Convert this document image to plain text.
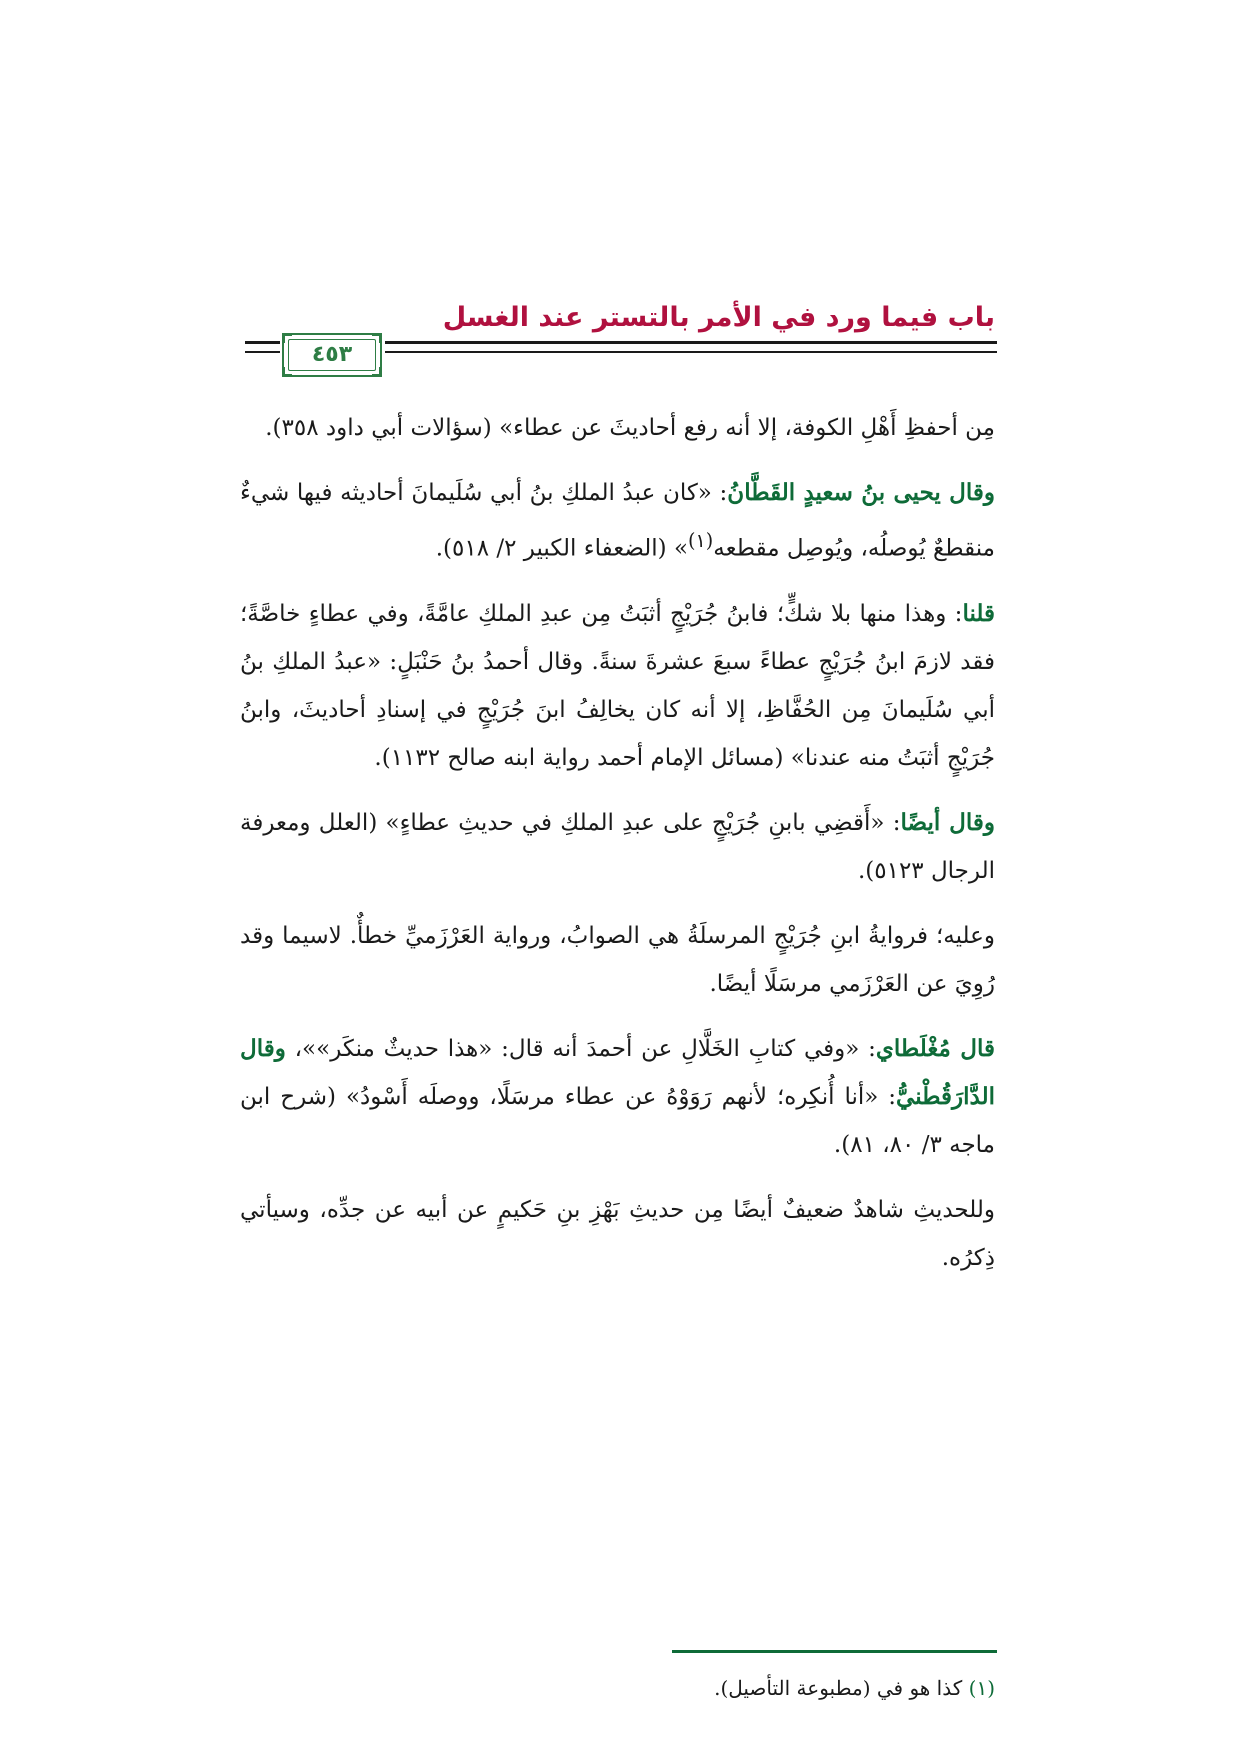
باب فيما ورد في الأمر بالتستر عند الغسل
٤٥٣

مِن أحفظِ أَهْلِ الكوفة، إلا أنه رفع أحاديثَ عن عطاء» (سؤالات أبي داود ٣٥٨).

وقال يحيى بنُ سعيدٍ القَطَّانُ: «كان عبدُ الملكِ بنُ أبي سُلَيمانَ أحاديثه فيها شيءٌ منقطعٌ يُوصلُه، ويُوصِل مقطعه$^{(١)}$» (الضعفاء الكبير ٢/ ٥١٨).

قلنا: وهذا منها بلا شكٍّ؛ فابنُ جُرَيْجٍ أثبَتُ مِن عبدِ الملكِ عامَّةً، وفي عطاءٍ خاصَّةً؛ فقد لازمَ ابنُ جُرَيْجٍ عطاءً سبعَ عشرةَ سنةً. وقال أحمدُ بنُ حَنْبَلٍ: «عبدُ الملكِ بنُ أبي سُلَيمانَ مِن الحُفَّاظِ، إلا أنه كان يخالِفُ ابنَ جُرَيْجٍ في إسنادِ أحاديثَ، وابنُ جُرَيْجٍ أثبَتُ منه عندنا» (مسائل الإمام أحمد رواية ابنه صالح ١١٣٢).

وقال أيضًا: «أَقضِي بابنِ جُرَيْجٍ على عبدِ الملكِ في حديثِ عطاءٍ» (العلل ومعرفة الرجال ٥١٢٣).

وعليه؛ فروايةُ ابنِ جُرَيْجٍ المرسلَةُ هي الصوابُ، ورواية العَرْزَميِّ خطأٌ. لاسيما وقد رُوِيَ عن العَرْزَمي مرسَلًا أيضًا.

قال مُغْلَطاي: «وفي كتابِ الخَلَّالِ عن أحمدَ أنه قال: «هذا حديثٌ منكَر»»، وقال الدَّارَقُطْنيُّ: «أنا أُنكِره؛ لأنهم رَوَوْهُ عن عطاء مرسَلًا، ووصلَه أَسْودُ» (شرح ابن ماجه ٣/ ٨٠، ٨١).

وللحديثِ شاهدٌ ضعيفٌ أيضًا مِن حديثِ بَهْزِ بنِ حَكيمٍ عن أبيه عن جدِّه، وسيأتي ذِكرُه.

(١) كذا هو في (مطبوعة التأصيل).
